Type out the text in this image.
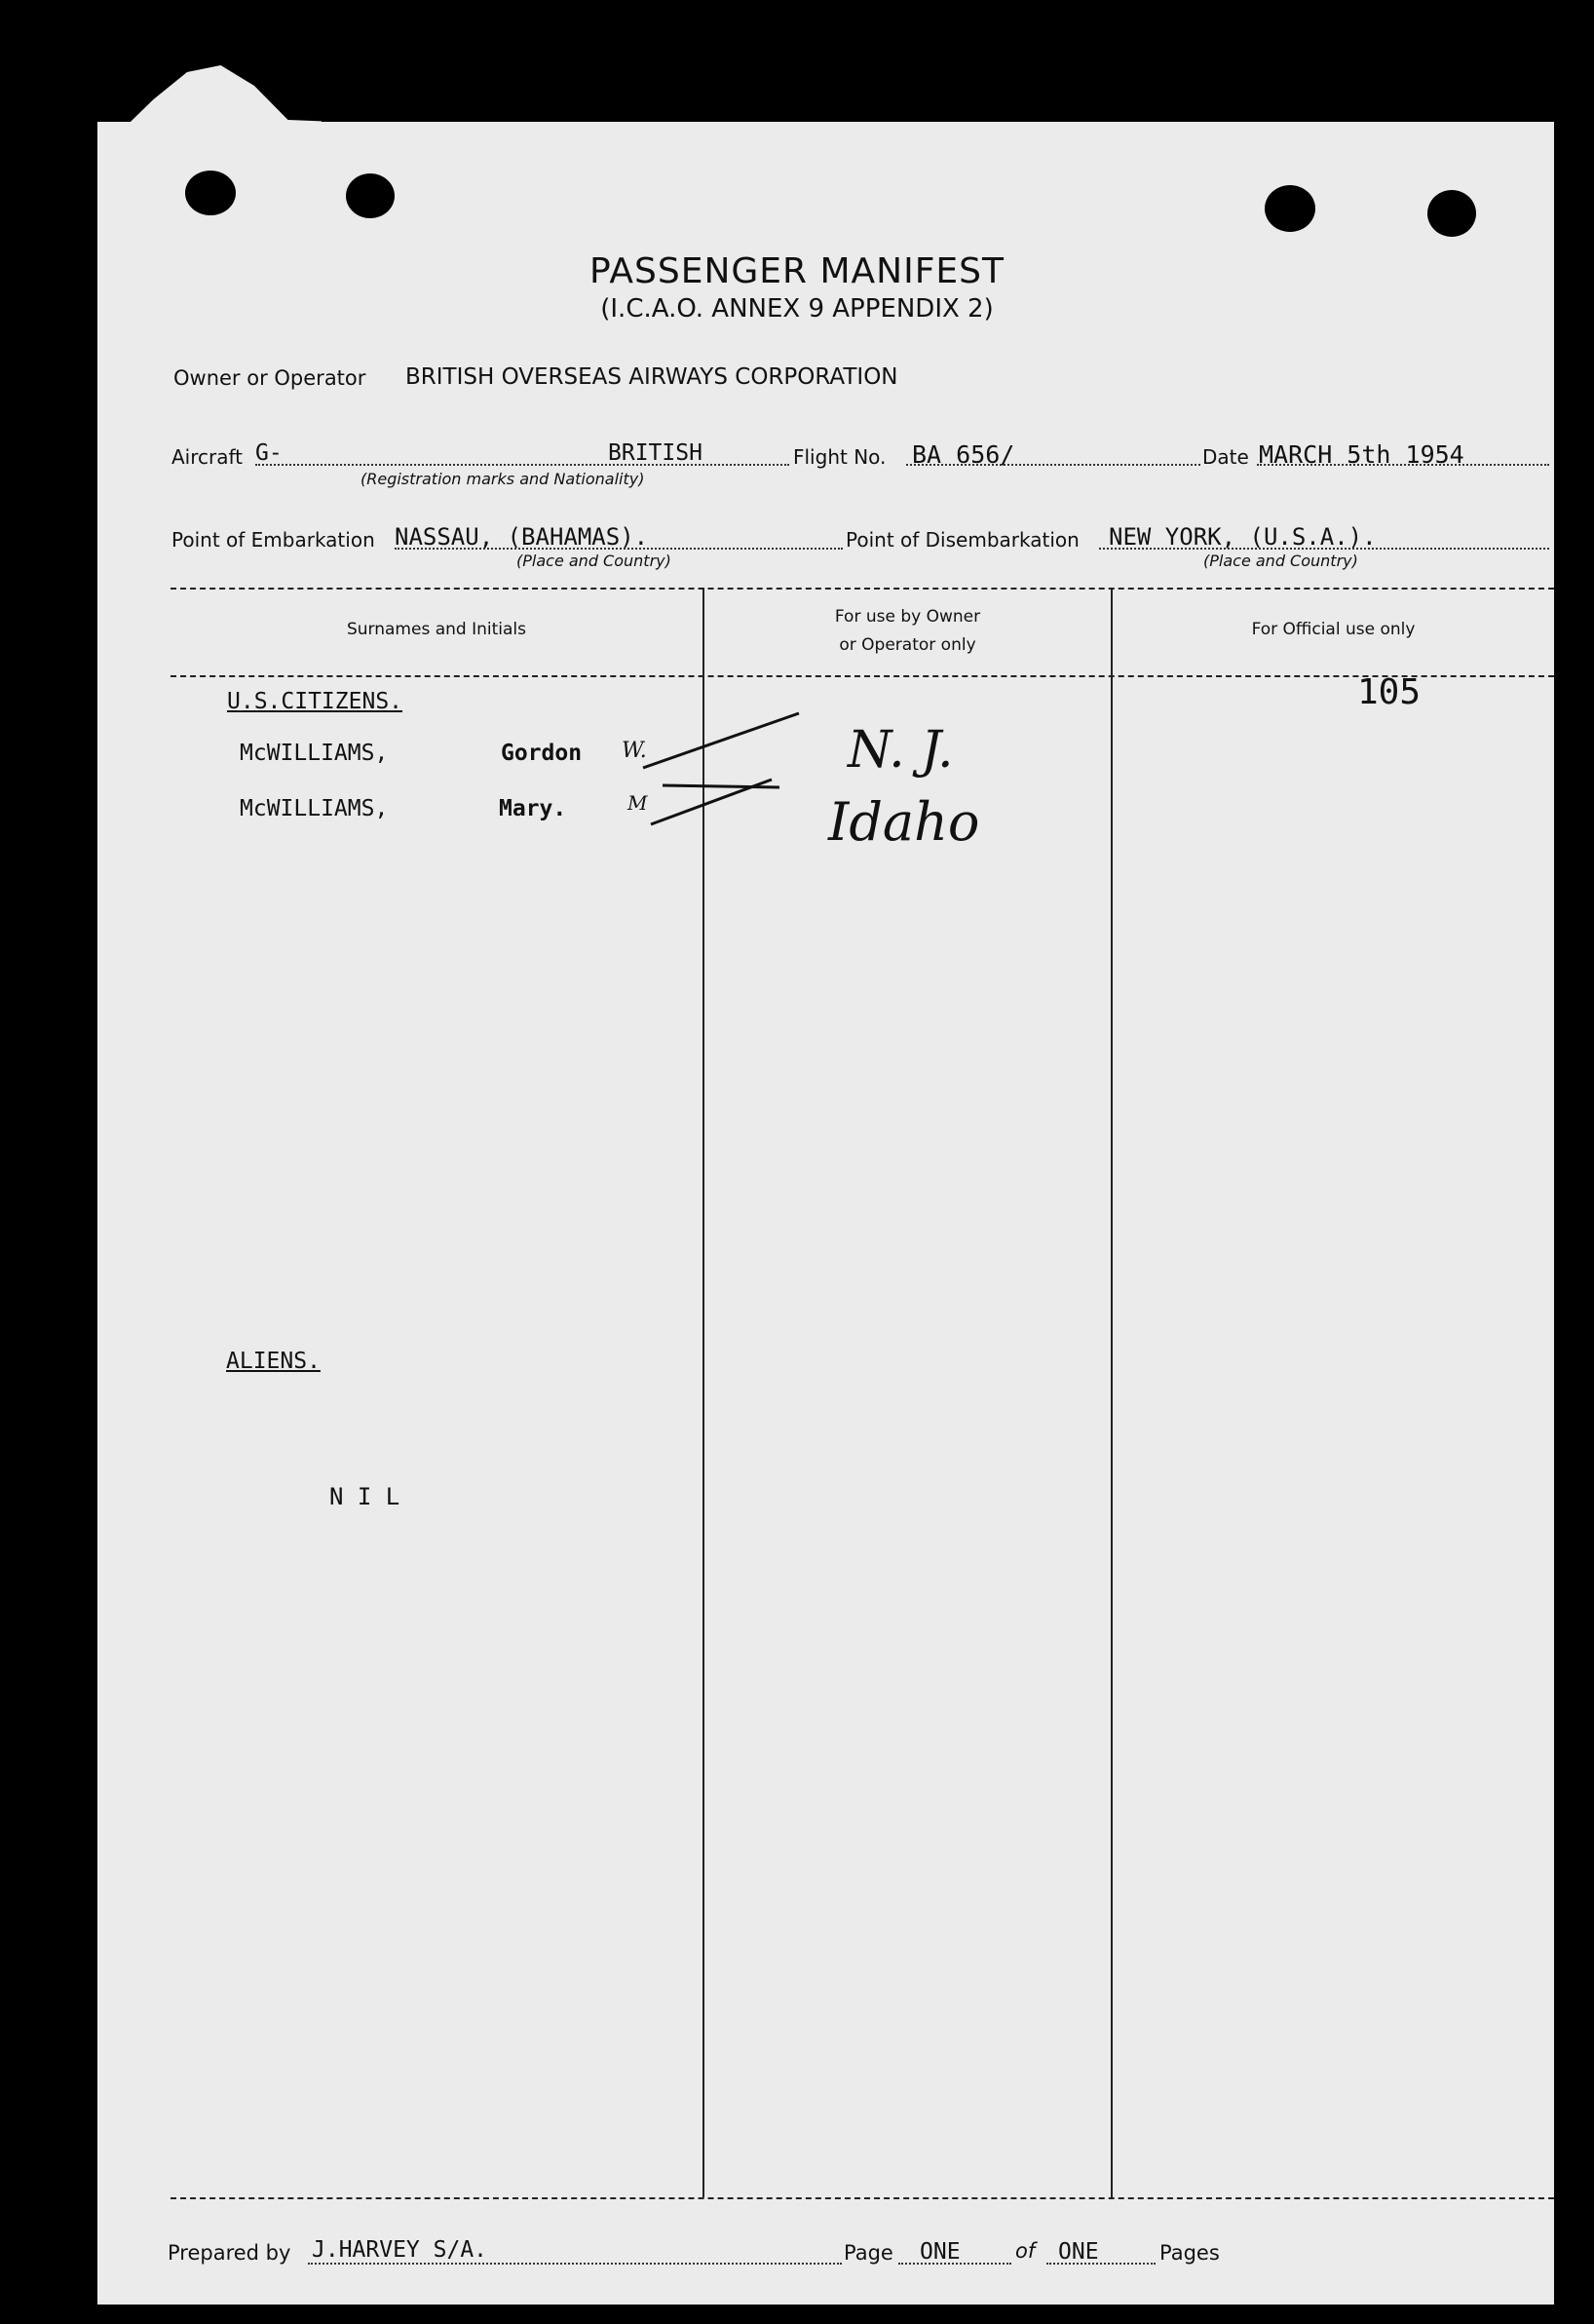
PASSENGER MANIFEST
(I.C.A.O. ANNEX 9 APPENDIX 2)
Owner or Operator BRITISH OVERSEAS AIRWAYS CORPORATION
Aircraft G-	BRITISH
(Registration marks and Nationality)
Flight No. BA 656/	Date MARCH 5th 1954
Point of Embarkation NASSAU, (BAHAMAS).
(Place and Country)
Point of Disembarkation NEW YORK, (U.S.A.).
(Place and Country)
Surnames and Initials
For use by Owner
or Operator only
For Official use only
U.S.CITIZENS.
McWILLIAMS,	Gordon W.	N. J.
McWILLIAMS,	Mary.	M	Idaho
105
ALIENS.
N I L
Prepared by J.HARVEY S/A.	Page ONE	of ONE	Pages
